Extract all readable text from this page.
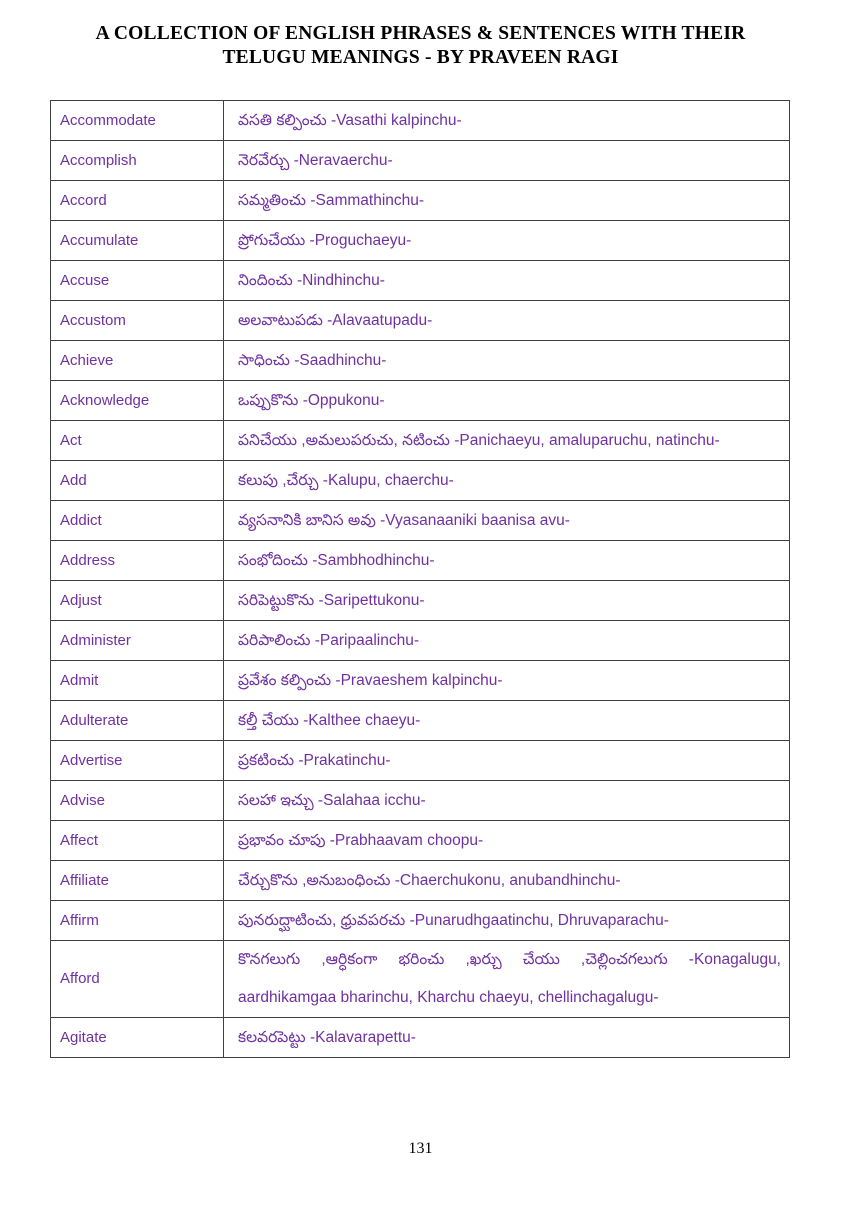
A COLLECTION OF ENGLISH PHRASES & SENTENCES WITH THEIR
TELUGU MEANINGS - BY PRAVEEN RAGI
Accommodate	వసతి కల్పించు -Vasathi kalpinchu-
Accomplish	నెరవేర్చు -Neravaerchu-
Accord	సమ్మతించు -Sammathinchu-
Accumulate	ప్రోగుచేయు -Proguchaeyu-
Accuse	నిందించు -Nindhinchu-
Accustom	అలవాటుపడు -Alavaatupadu-
Achieve	సాధించు -Saadhinchu-
Acknowledge	ఒప్పుకొను -Oppukonu-
Act	పనిచేయు ,అమలుపరుచు, నటించు -Panichaeyu, amaluparuchu, natinchu-
Add	కలుపు ,చేర్చు -Kalupu, chaerchu-
Addict	వ్యసనానికి బానిస అవు -Vyasanaaniki baanisa avu-
Address	సంభోదించు -Sambhodhinchu-
Adjust	సరిపెట్టుకొను -Saripettukonu-
Administer	పరిపాలించు -Paripaalinchu-
Admit	ప్రవేశం కల్పించు -Pravaeshem kalpinchu-
Adulterate	కల్తీ చేయు -Kalthee chaeyu-
Advertise	ప్రకటించు -Prakatinchu-
Advise	సలహా ఇచ్చు -Salahaa icchu-
Affect	ప్రభావం చూపు -Prabhaavam choopu-
Affiliate	చేర్చుకొను ,అనుబంధించు -Chaerchukonu, anubandhinchu-
Affirm	పునరుద్ఘాటించు, ధ్రువపరచు -Punarudhgaatinchu, Dhruvaparachu-
Afford	కొనగలుగు ,ఆర్ధికంగా భరించు ,ఖర్చు చేయు ,చెల్లించగలుగు -Konagalugu, aardhikamgaa bharinchu, Kharchu chaeyu, chellinchagalugu-
Agitate	కలవరపెట్టు -Kalavarapettu-
131
